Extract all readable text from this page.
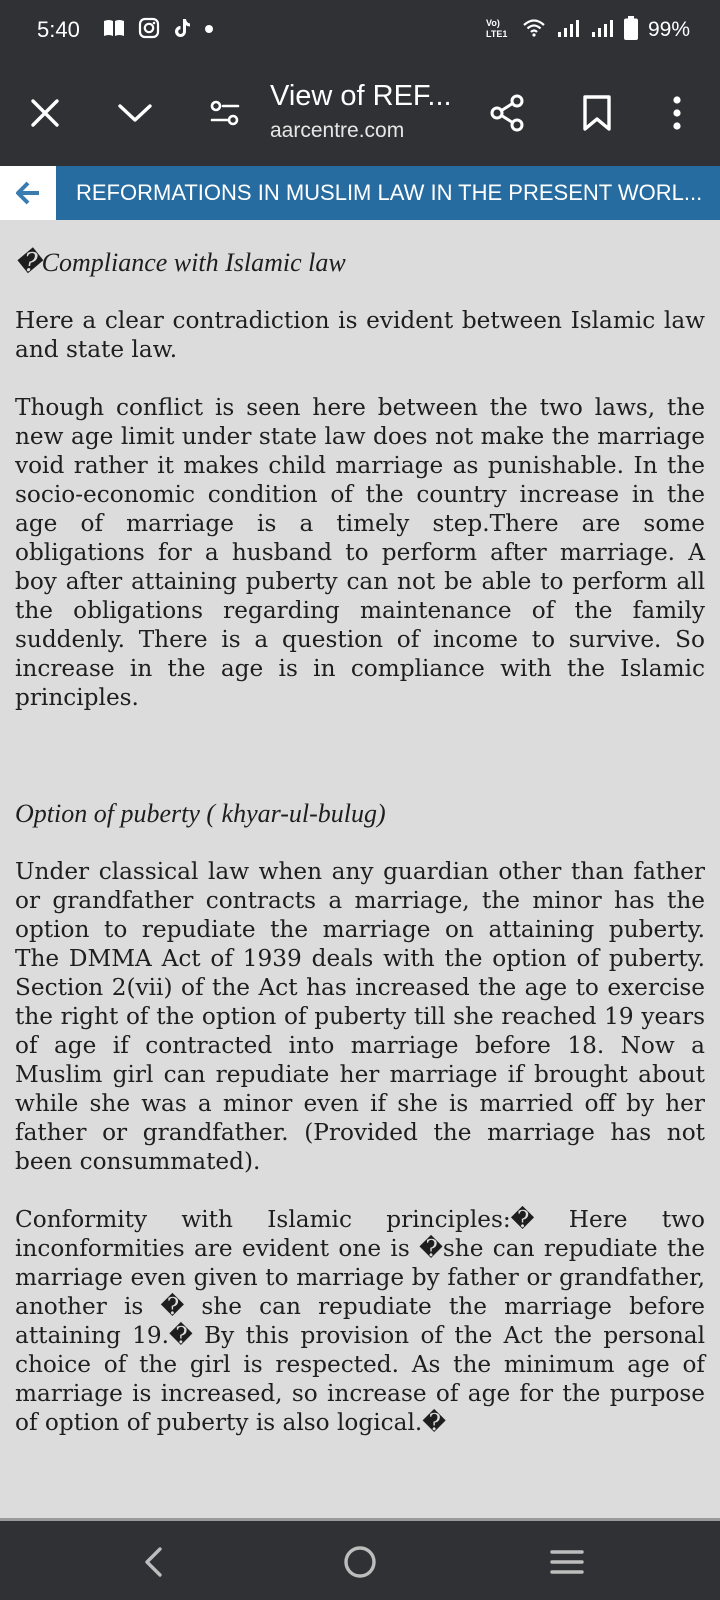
5:40	Vo)
LTE1	99%
View of REF...
aarcentre.com
REFORMATIONS IN MUSLIM LAW IN THE PRESENT WORL...

�Compliance with Islamic law

Here a clear contradiction is evident between Islamic law and state law.

Though conflict is seen here between the two laws, the new age limit under state law does not make the marriage void rather it makes child marriage as punishable. In the socio-economic condition of the country increase in the age of marriage is a timely step.There are some obligations for a husband to perform after marriage. A boy after attaining puberty can not be able to perform all the obligations regarding maintenance of the family suddenly. There is a question of income to survive. So increase in the age is in compliance with the Islamic principles.

Option of puberty ( khyar-ul-bulug)

Under classical law when any guardian other than father or grandfather contracts a marriage, the minor has the option to repudiate the marriage on attaining puberty. The DMMA Act of 1939 deals with the option of puberty. Section 2(vii) of the Act has increased the age to exercise the right of the option of puberty till she reached 19 years of age if contracted into marriage before 18. Now a Muslim girl can repudiate her marriage if brought about while she was a minor even if she is married off by her father or grandfather. (Provided the marriage has not been consummated).

Conformity with Islamic principles:� Here two inconformities are evident one is �she can repudiate the marriage even given to marriage by father or grandfather, another is � she can repudiate the marriage before attaining 19.� By this provision of the Act the personal choice of the girl is respected. As the minimum age of marriage is increased, so increase of age for the purpose of option of puberty is also logical.�
